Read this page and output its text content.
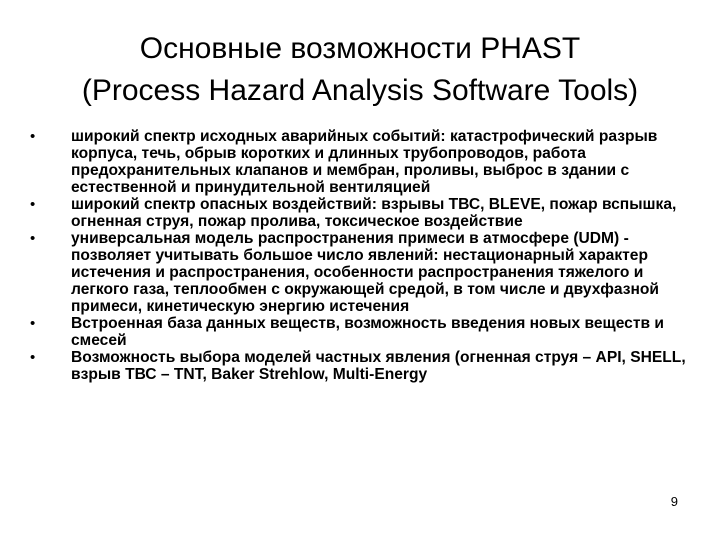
Основные возможности PHAST
(Process Hazard Analysis Software Tools)
•	широкий спектр исходных аварийных событий: катастрофический разрыв корпуса, течь, обрыв коротких и длинных трубопроводов, работа предохранительных клапанов и мембран, проливы, выброс в здании с естественной и принудительной вентиляцией
•	широкий спектр опасных воздействий: взрывы ТВС, BLEVE, пожар вспышка, огненная струя, пожар пролива, токсическое воздействие
•	универсальная модель распространения примеси в атмосфере (UDM) - позволяет учитывать большое число явлений: нестационарный характер истечения и распространения, особенности распространения тяжелого и легкого газа, теплообмен с окружающей средой, в том числе и двухфазной примеси, кинетическую энергию истечения
•	Встроенная база данных веществ, возможность введения новых веществ и смесей
•	Возможность выбора моделей частных явления (огненная струя – API, SHELL, взрыв ТВС – TNT, Baker Strehlow, Multi-Energy
9
